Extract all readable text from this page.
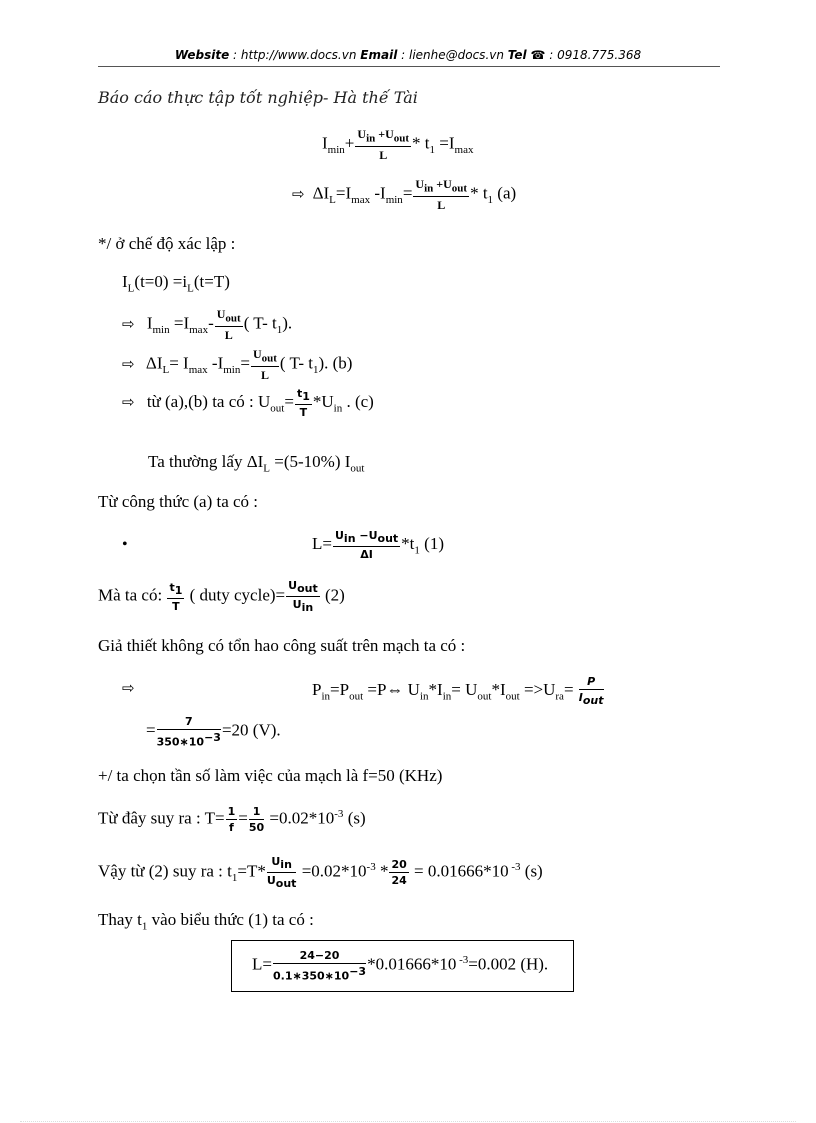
Website : http://www.docs.vn Email : lienhe@docs.vn Tel ☎ : 0918.775.368
Báo cáo thực tập tốt nghiệp- Hà thế Tài
$I_{min}+ \frac{U_{in} +U_{out}}{L} * t_1 =I_{max}$
⇨ $\Delta I_L=I_{max}$ $-I_{min}= \frac{U_{in} +U_{out}}{L} * t_1$ (a)
*/ ở chế độ xác lập :
$I_L(t=0) =i_L(t=T)$
⇨ $I_{min} =I_{max}- \frac{U_{out}}{L}$ ( T- $t_1$).
⇨ $\Delta I_L= I_{max}$ $-I_{min}= \frac{U_{out}}{L}$ ( T- $t_1$). (b)
⇨ từ (a),(b) ta có : $U_{out}= \frac{t_1}{T} *U_{in}$ . (c)
Ta thường lấy $\Delta I_L =(5-10\%)$ $I_{out}$
Từ công thức (a) ta có :
•	$L= \frac{U_{in} -U_{out}}{\Delta I} *t_1$ (1)
Mà ta có: $\frac{t_1}{T}$ ( duty cycle)= $\frac{U_{out}}{U_{in}} (2)$
Giả thiết không có tổn hao công suất trên mạch ta có :
⇨	$P_{in}=P_{out}$ =P⇔ $U_{in}*I_{in}= U_{out}*I_{out} =>U_{ra}= \frac{P}{I_{out}}$
= $\frac{7}{350∗10^{-3}} =20$ (V).
+/ ta chọn tần số làm việc của mạch là f=50 (KHz)
Từ đây suy ra : $T= \frac{1}{f} = \frac{1}{50} =0.02*10^{-3}$ (s)
Vậy từ (2) suy ra : $t_1=T* \frac{U_{in}}{U_{out}} =0.02*10^{-3} * \frac{20}{24} = 0.01666*10$ $^{-3}$ (s)
Thay $t_1$ vào biểu thức (1) ta có :
$L= \frac{24-20}{0.1∗350∗10^{-3}} *0.01666*10$ $^{-3}$=0.002 (H).
